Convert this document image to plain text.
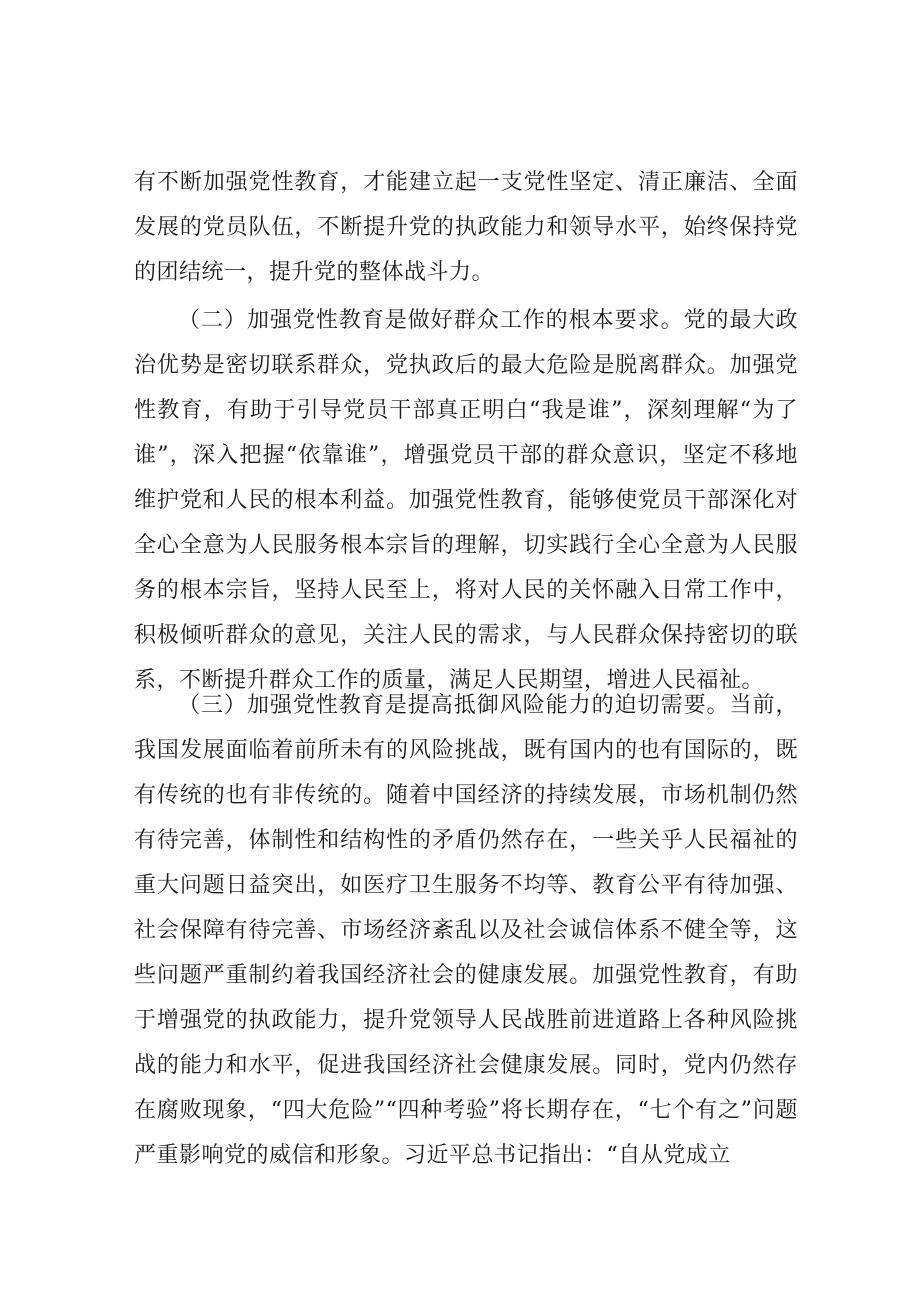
有不断加强党性教育，才能建立起一支党性坚定、清正廉洁、全面发展的党员队伍，不断提升党的执政能力和领导水平，始终保持党的团结统一，提升党的整体战斗力。

（二）加强党性教育是做好群众工作的根本要求。党的最大政治优势是密切联系群众，党执政后的最大危险是脱离群众。加强党性教育，有助于引导党员干部真正明白“我是谁”，深刻理解“为了谁”，深入把握“依靠谁”，增强党员干部的群众意识，坚定不移地维护党和人民的根本利益。加强党性教育，能够使党员干部深化对全心全意为人民服务根本宗旨的理解，切实践行全心全意为人民服务的根本宗旨，坚持人民至上，将对人民的关怀融入日常工作中，积极倾听群众的意见，关注人民的需求，与人民群众保持密切的联系，不断提升群众工作的质量，满足人民期望，增进人民福祉。

（三）加强党性教育是提高抵御风险能力的迫切需要。当前，我国发展面临着前所未有的风险挑战，既有国内的也有国际的，既有传统的也有非传统的。随着中国经济的持续发展，市场机制仍然有待完善，体制性和结构性的矛盾仍然存在，一些关乎人民福祉的重大问题日益突出，如医疗卫生服务不均等、教育公平有待加强、社会保障有待完善、市场经济紊乱以及社会诚信体系不健全等，这些问题严重制约着我国经济社会的健康发展。加强党性教育，有助于增强党的执政能力，提升党领导人民战胜前进道路上各种风险挑战的能力和水平，促进我国经济社会健康发展。同时，党内仍然存在腐败现象，“四大危险”“四种考验”将长期存在，“七个有之”问题严重影响党的威信和形象。习近平总书记指出：“自从党成立
